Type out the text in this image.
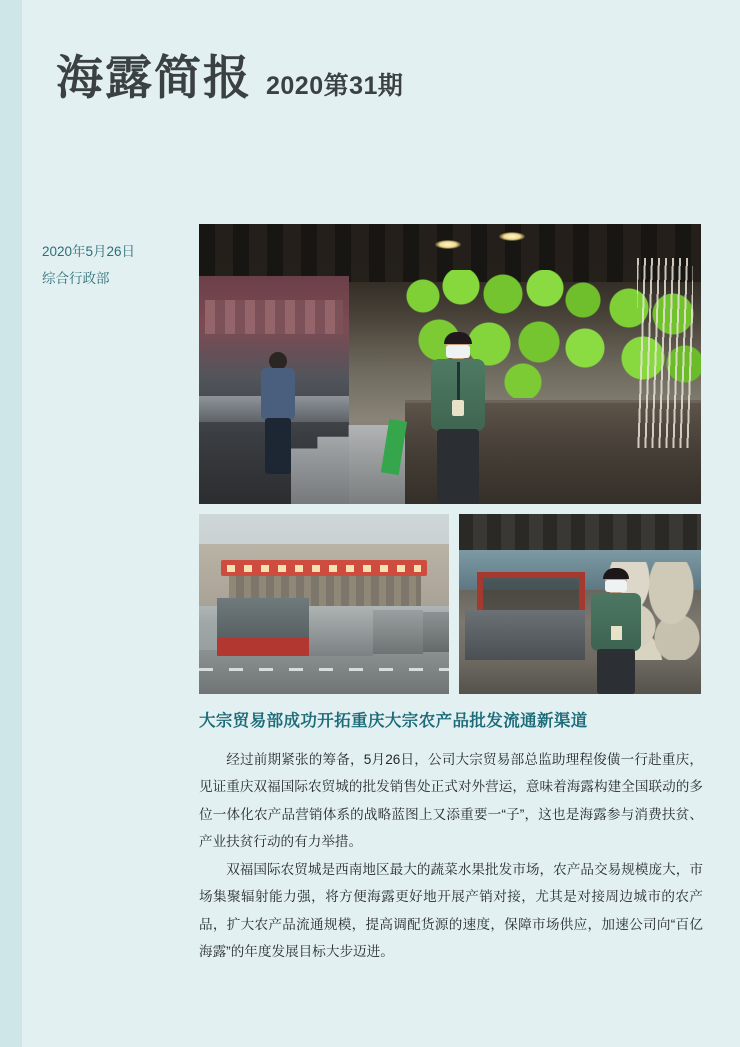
海露简报 2020第31期
2020年5月26日
综合行政部
大宗贸易部成功开拓重庆大宗农产品批发流通新渠道

经过前期紧张的筹备，5月26日，公司大宗贸易部总监助理程俊僙一行赴重庆，见证重庆双福国际农贸城的批发销售处正式对外营运，意味着海露构建全国联动的多位一体化农产品营销体系的战略蓝图上又添重要一“子”，这也是海露参与消费扶贫、产业扶贫行动的有力举措。

双福国际农贸城是西南地区最大的蔬菜水果批发市场，农产品交易规模庞大，市场集聚辐射能力强，将方便海露更好地开展产销对接，尤其是对接周边城市的农产品，扩大农产品流通规模，提高调配货源的速度，保障市场供应，加速公司向“百亿海露”的年度发展目标大步迈进。
